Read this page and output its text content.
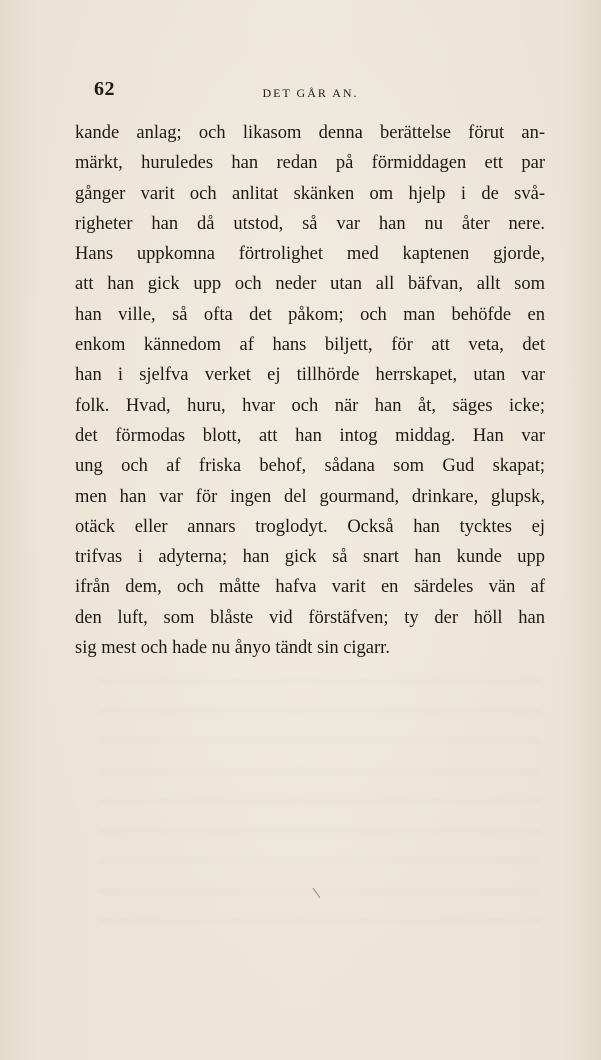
62	DET GÅR AN.
kande anlag; och likasom denna berättelse förut an-
märkt, huruledes han redan på förmiddagen ett par
gånger varit och anlitat skänken om hjelp i de svå-
righeter han då utstod, så var han nu åter nere.
Hans uppkomna förtrolighet med kaptenen gjorde,
att han gick upp och neder utan all bäfvan, allt som
han ville, så ofta det påkom; och man behöfde en
enkom kännedom af hans biljett, för att veta, det
han i sjelfva verket ej tillhörde herrskapet, utan var
folk. Hvad, huru, hvar och när han åt, säges icke;
det förmodas blott, att han intog middag. Han var
ung och af friska behof, sådana som Gud skapat;
men han var för ingen del gourmand, drinkare, glupsk,
otäck eller annars troglodyt. Också han tycktes ej
trifvas i adyterna; han gick så snart han kunde upp
ifrån dem, och måtte hafva varit en särdeles vän af
den luft, som blåste vid förstäfven; ty der höll han
sig mest och hade nu ånyo tändt sin cigarr.
